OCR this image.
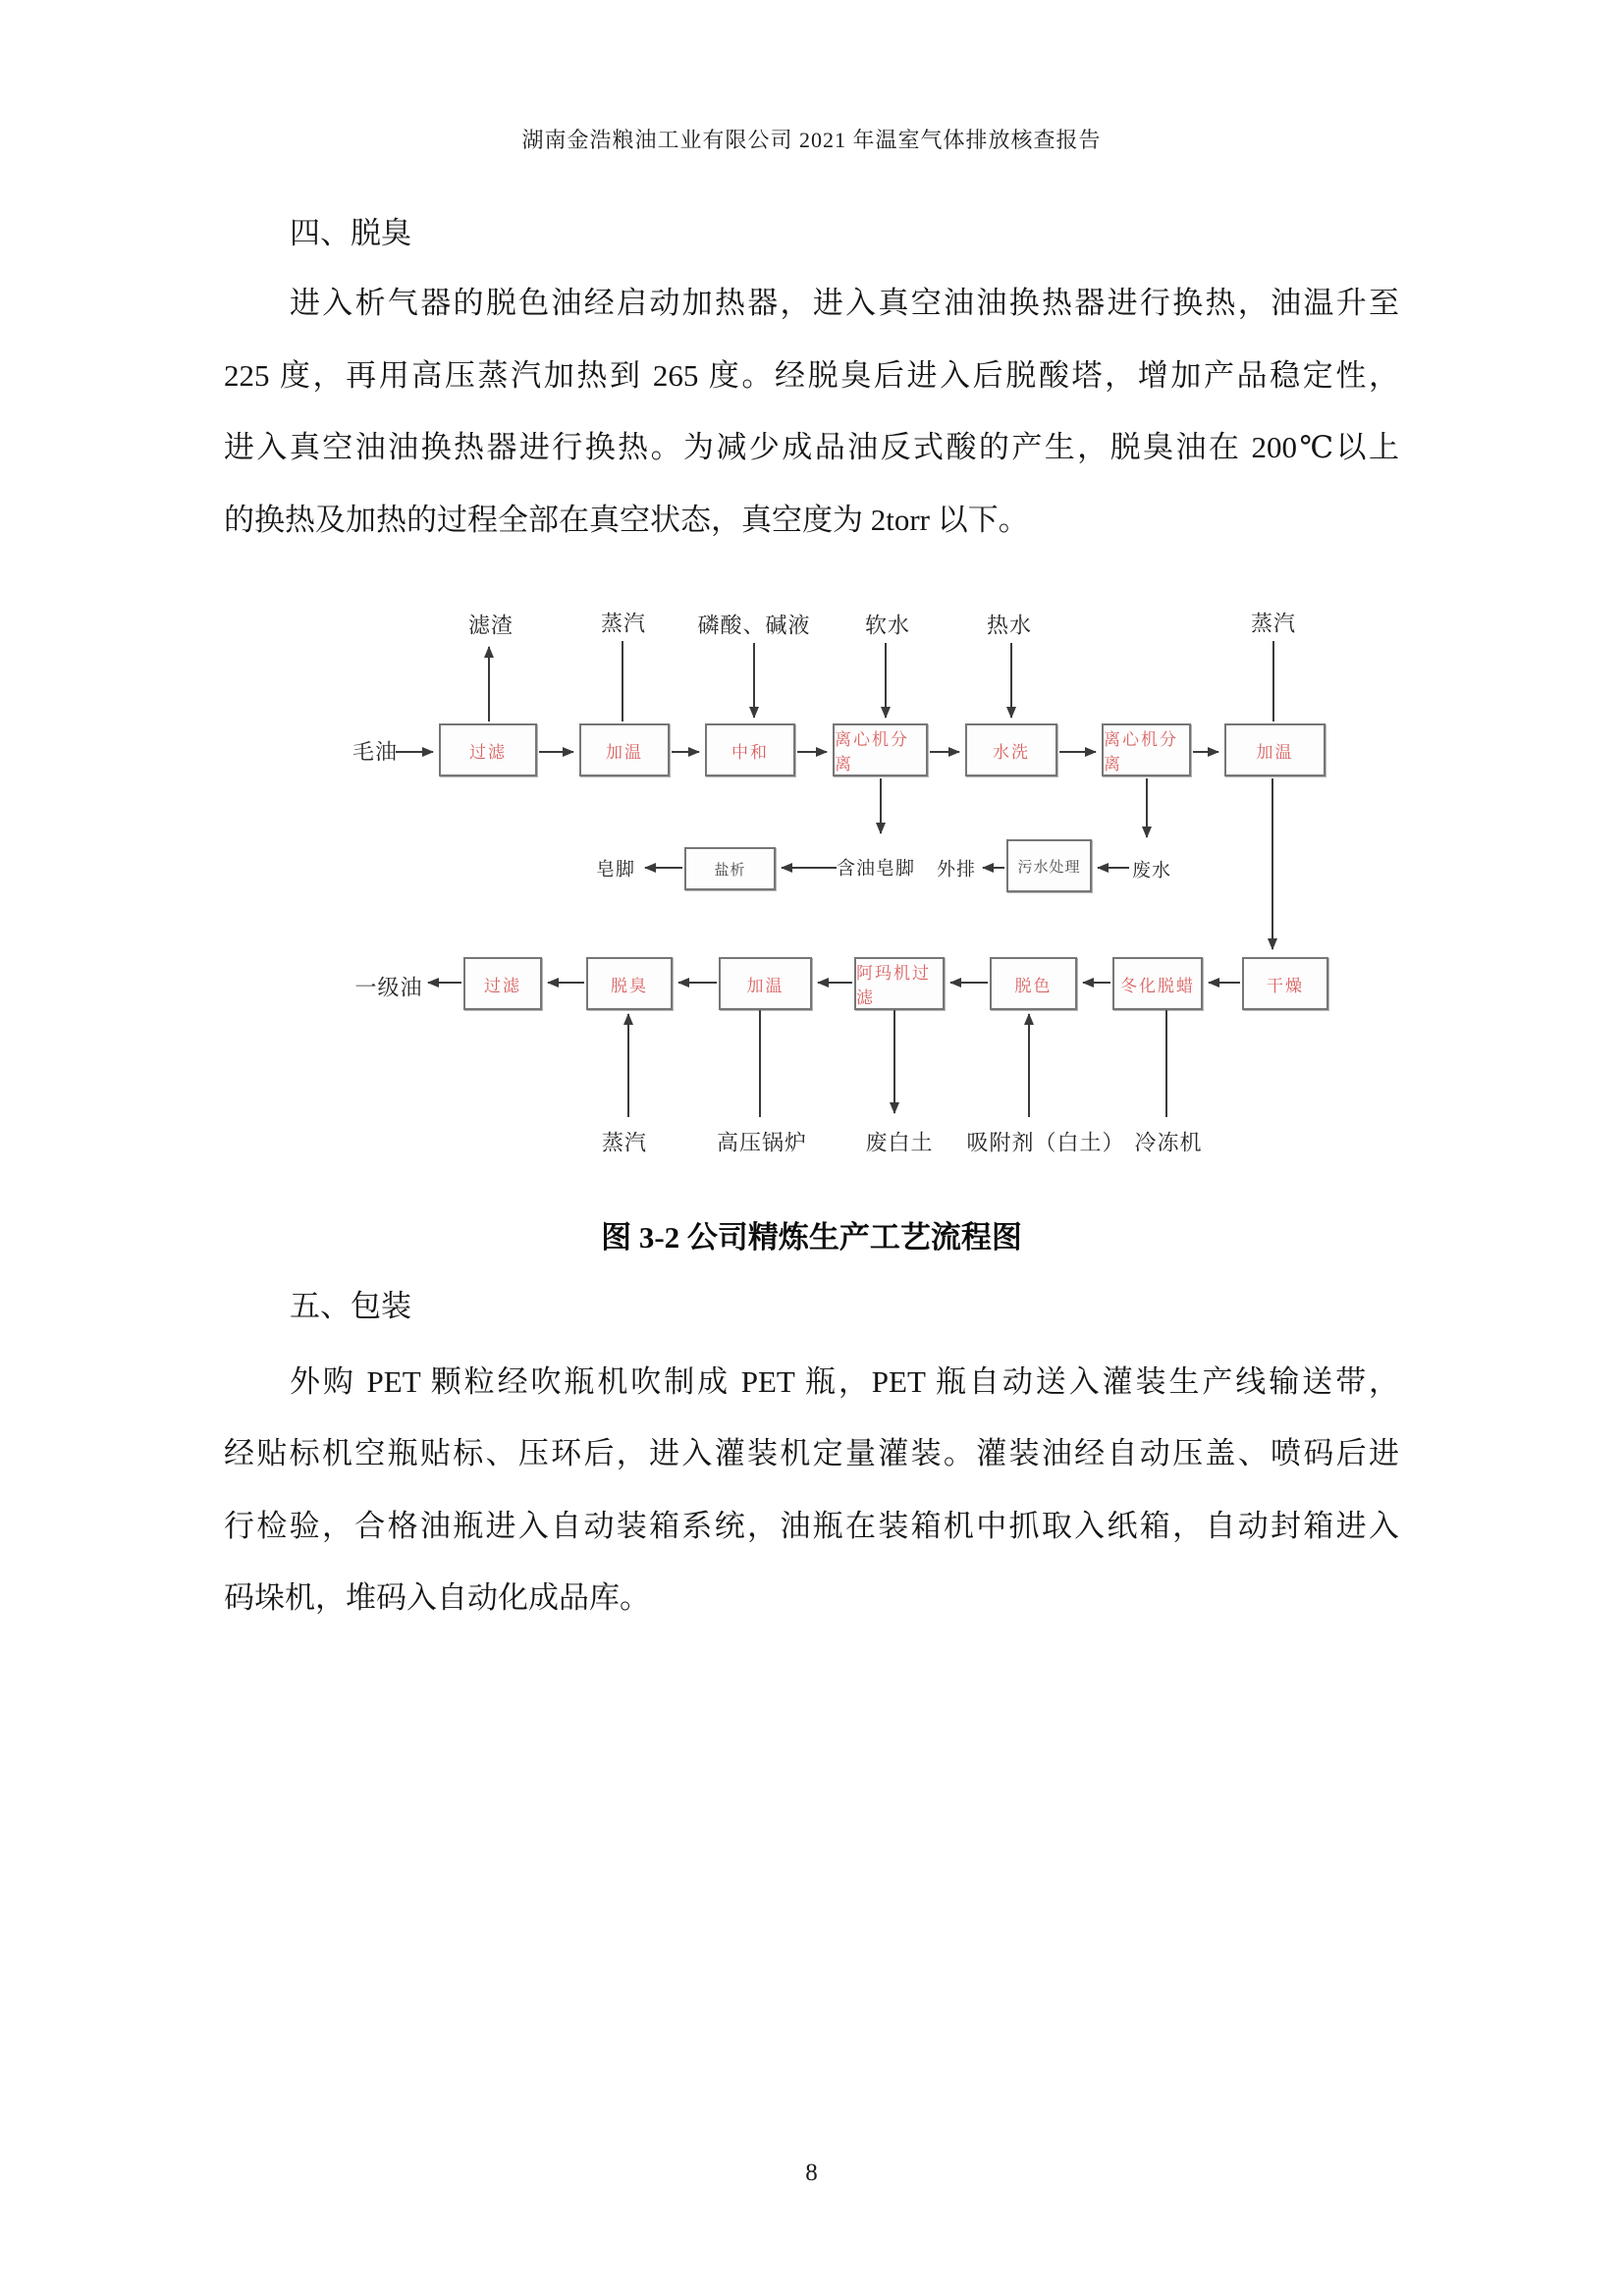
湖南金浩粮油工业有限公司 2021 年温室气体排放核查报告
四、脱臭
进入析气器的脱色油经启动加热器，进入真空油油换热器进行换热，油温升至
225 度，再用高压蒸汽加热到 265 度。经脱臭后进入后脱酸塔，增加产品稳定性，
进入真空油油换热器进行换热。为减少成品油反式酸的产生，脱臭油在 200℃以上
的换热及加热的过程全部在真空状态，真空度为 2torr 以下。
滤渣	蒸汽 磷酸、碱液	软水	热水	蒸汽
毛油	过滤	加温	中和
离心机分离
水洗
离心机分离
加温
皂脚	盐析	含油皂脚 外排	污水处理	废水
一级油	过滤	脱臭	加温
阿玛机过滤
脱色	冬化脱蜡	干燥
蒸汽	高压锅炉	废白土 吸附剂（白土） 冷冻机
图 3-2 公司精炼生产工艺流程图
五、包装
外购 PET 颗粒经吹瓶机吹制成 PET 瓶，PET 瓶自动送入灌装生产线输送带，
经贴标机空瓶贴标、压环后，进入灌装机定量灌装。灌装油经自动压盖、喷码后进
行检验，合格油瓶进入自动装箱系统，油瓶在装箱机中抓取入纸箱，自动封箱进入
码垛机，堆码入自动化成品库。
8
